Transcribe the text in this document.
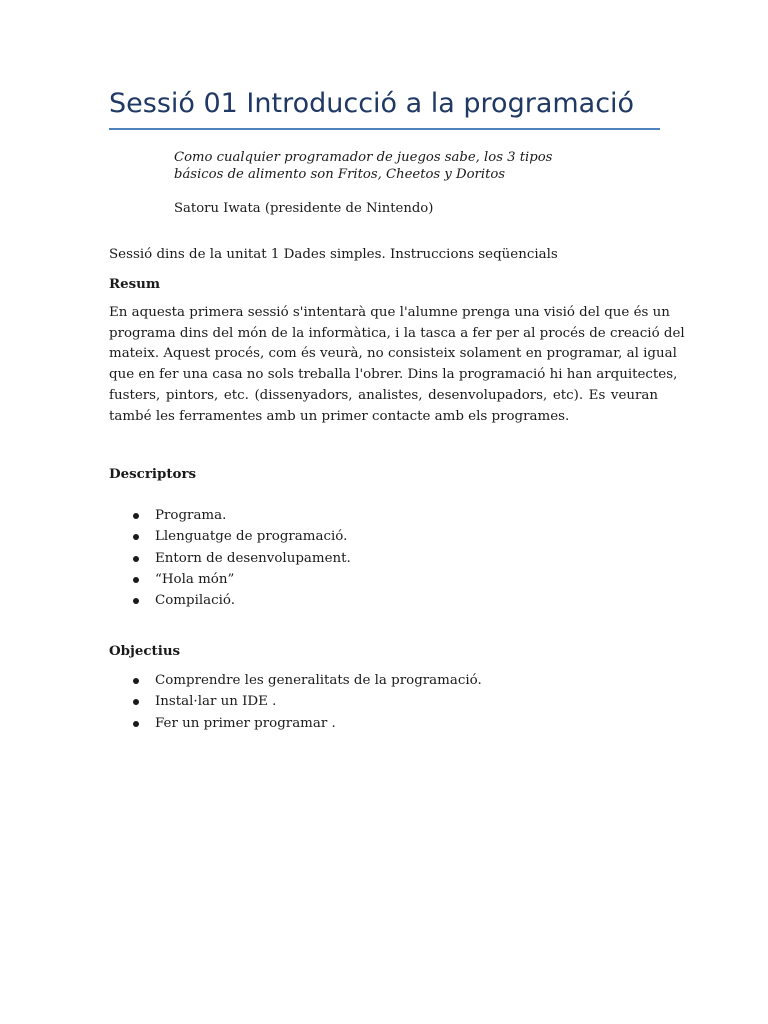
Sessió 01 Introducció a la programació
Como cualquier programador de juegos sabe, los 3 tipos
básicos de alimento son Fritos, Cheetos y Doritos
Satoru Iwata (presidente de Nintendo)
Sessió dins de la unitat 1 Dades simples. Instruccions seqüencials
Resum

En aquesta primera sessió s'intentarà que l'alumne prenga una visió del que és un
programa dins del món de la informàtica, i la tasca a fer per al procés de creació del
mateix. Aquest procés, com és veurà, no consisteix solament en programar, al igual
que en fer una casa no sols treballa l'obrer. Dins la programació hi han arquitectes,
fusters, pintors, etc. (dissenyadors, analistes, desenvolupadors, etc). Es veuran
també les ferramentes amb un primer contacte amb els programes.

Descriptors
Programa.
Llenguatge de programació.
Entorn de desenvolupament.
“Hola món”
Compilació.
Objectius
Comprendre les generalitats de la programació.
Instal·lar un IDE .
Fer un primer programar .
